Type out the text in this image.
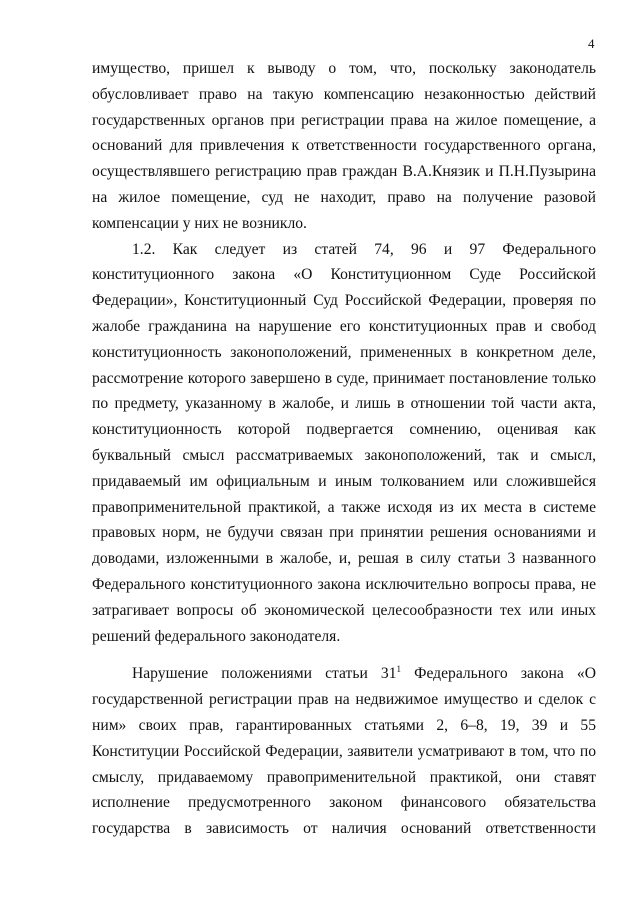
4
имущество, пришел к выводу о том, что, поскольку законодатель
обусловливает право на такую компенсацию незаконностью действий
государственных органов при регистрации права на жилое помещение, а
оснований для привлечения к ответственности государственного органа,
осуществлявшего регистрацию прав граждан В.А.Князик и П.Н.Пузырина
на жилое помещение, суд не находит, право на получение разовой
компенсации у них не возникло.
1.2. Как следует из статей 74, 96 и 97 Федерального
конституционного закона «О Конституционном Суде Российской
Федерации», Конституционный Суд Российской Федерации, проверяя по
жалобе гражданина на нарушение его конституционных прав и свобод
конституционность законоположений, примененных в конкретном деле,
рассмотрение которого завершено в суде, принимает постановление только
по предмету, указанному в жалобе, и лишь в отношении той части акта,
конституционность которой подвергается сомнению, оценивая как
буквальный смысл рассматриваемых законоположений, так и смысл,
придаваемый им официальным и иным толкованием или сложившейся
правоприменительной практикой, а также исходя из их места в системе
правовых норм, не будучи связан при принятии решения основаниями и
доводами, изложенными в жалобе, и, решая в силу статьи 3 названного
Федерального конституционного закона исключительно вопросы права, не
затрагивает вопросы об экономической целесообразности тех или иных
решений федерального законодателя.
Нарушение положениями статьи $31^1$ Федерального закона «О
государственной регистрации прав на недвижимое имущество и сделок с
ним» своих прав, гарантированных статьями 2, 6–8, 19, 39 и 55
Конституции Российской Федерации, заявители усматривают в том, что по
смыслу, придаваемому правоприменительной практикой, они ставят
исполнение предусмотренного законом финансового обязательства
государства в зависимость от наличия оснований ответственности
